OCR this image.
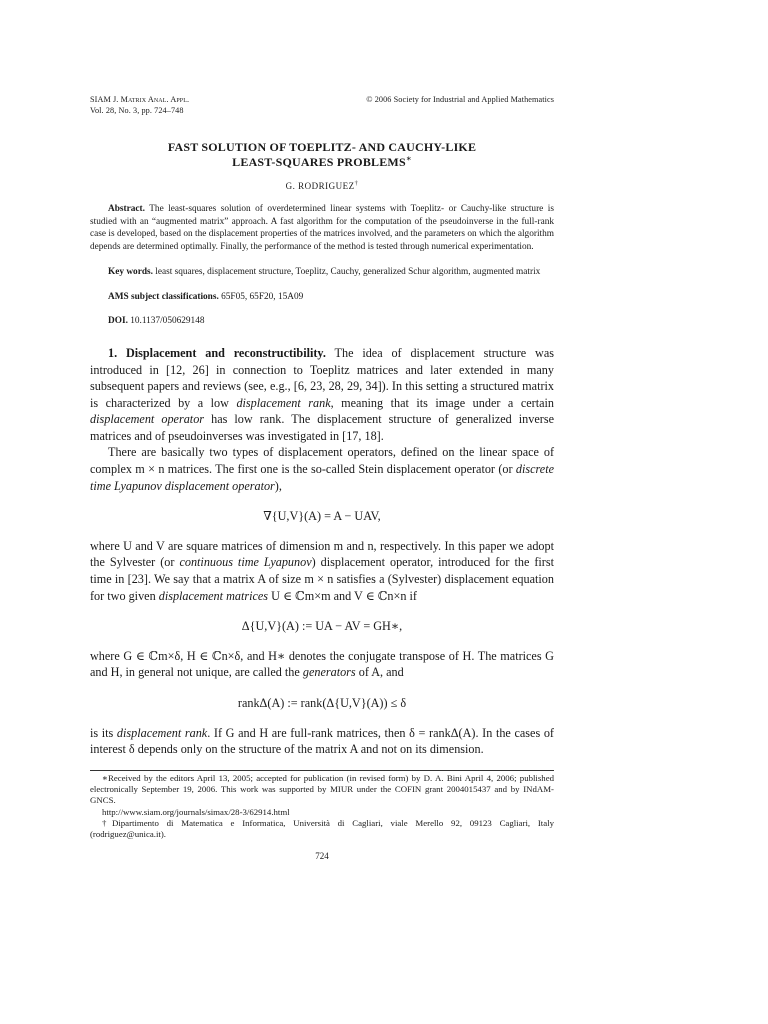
SIAM J. Matrix Anal. Appl.
Vol. 28, No. 3, pp. 724–748
© 2006 Society for Industrial and Applied Mathematics
FAST SOLUTION OF TOEPLITZ- AND CAUCHY-LIKE
LEAST-SQUARES PROBLEMS∗
G. RODRIGUEZ†
Abstract. The least-squares solution of overdetermined linear systems with Toeplitz- or Cauchy-like structure is studied with an “augmented matrix” approach. A fast algorithm for the computation of the pseudoinverse in the full-rank case is developed, based on the displacement properties of the matrices involved, and the parameters on which the algorithm depends are determined optimally. Finally, the performance of the method is tested through numerical experimentation.
Key words. least squares, displacement structure, Toeplitz, Cauchy, generalized Schur algorithm, augmented matrix
AMS subject classifications. 65F05, 65F20, 15A09
DOI. 10.1137/050629148

1. Displacement and reconstructibility. The idea of displacement structure was introduced in [12, 26] in connection to Toeplitz matrices and later extended in many subsequent papers and reviews (see, e.g., [6, 23, 28, 29, 34]). In this setting a structured matrix is characterized by a low displacement rank, meaning that its image under a certain displacement operator has low rank. The displacement structure of generalized inverse matrices and of pseudoinverses was investigated in [17, 18].

There are basically two types of displacement operators, defined on the linear space of complex m × n matrices. The first one is the so-called Stein displacement operator (or discrete time Lyapunov displacement operator),

∇{U,V}(A) = A − UAV,

where U and V are square matrices of dimension m and n, respectively. In this paper we adopt the Sylvester (or continuous time Lyapunov) displacement operator, introduced for the first time in [23]. We say that a matrix A of size m × n satisfies a (Sylvester) displacement equation for two given displacement matrices U ∈ ℂm×m and V ∈ ℂn×n if

Δ{U,V}(A) := UA − AV = GH∗,

where G ∈ ℂm×δ, H ∈ ℂn×δ, and H∗ denotes the conjugate transpose of H. The matrices G and H, in general not unique, are called the generators of A, and

rankΔ(A) := rank(Δ{U,V}(A)) ≤ δ

is its displacement rank. If G and H are full-rank matrices, then δ = rankΔ(A). In the cases of interest δ depends only on the structure of the matrix A and not on its dimension.

∗Received by the editors April 13, 2005; accepted for publication (in revised form) by D. A. Bini April 4, 2006; published electronically September 19, 2006. This work was supported by MIUR under the COFIN grant 2004015437 and by INdAM-GNCS.

http://www.siam.org/journals/simax/28-3/62914.html

†Dipartimento di Matematica e Informatica, Università di Cagliari, viale Merello 92, 09123 Cagliari, Italy (rodriguez@unica.it).

724
